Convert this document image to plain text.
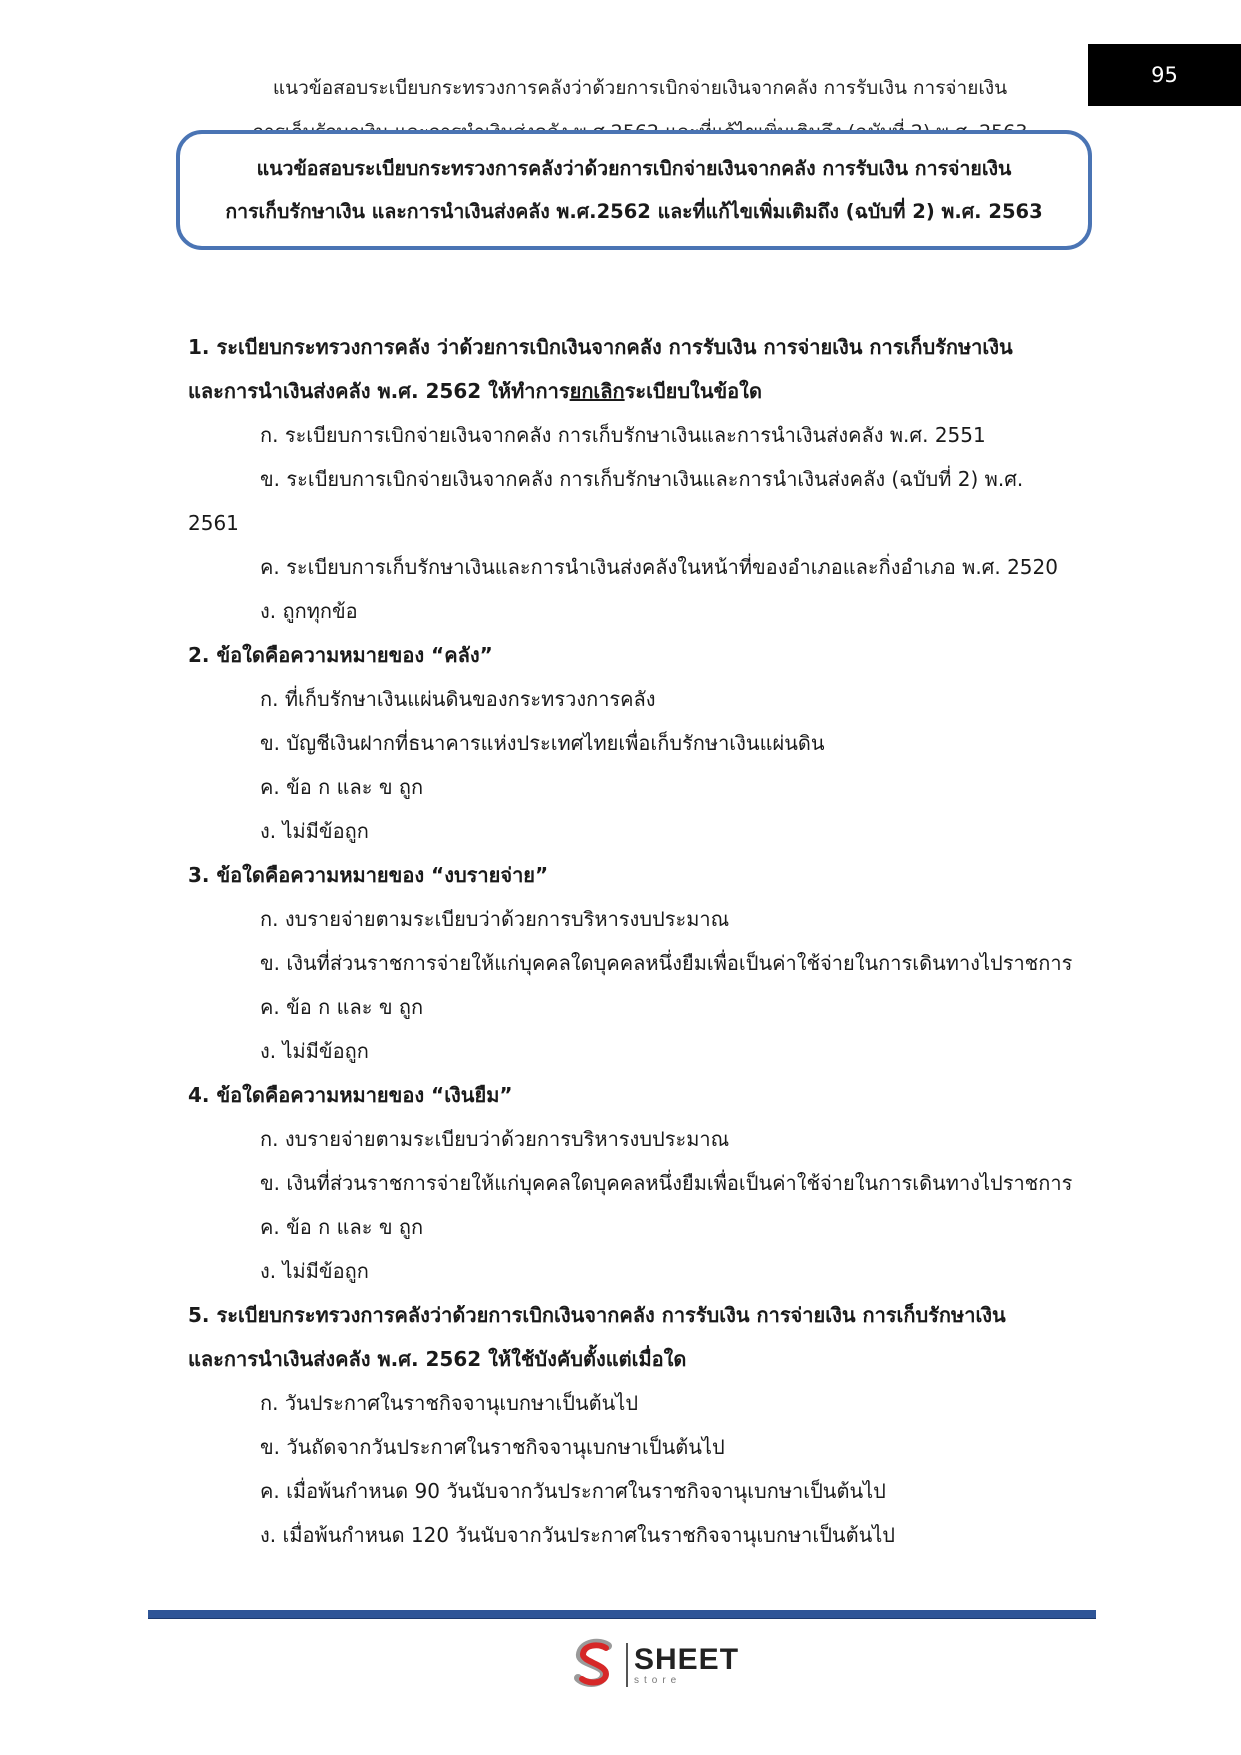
95
แนวข้อสอบระเบียบกระทรวงการคลังว่าด้วยการเบิกจ่ายเงินจากคลัง การรับเงิน การจ่ายเงิน
แนวข้อสอบระเบียบกระทรวงการคลังว่าด้วยการเบิกจ่ายเงินจากคลัง การรับเงิน การจ่ายเงิน
การเก็บรักษาเงิน และการนำเงินส่งคลัง พ.ศ.2562 และที่แก้ไขเพิ่มเติมถึง (ฉบับที่ 2) พ.ศ. 2563
1. ระเบียบกระทรวงการคลัง ว่าด้วยการเบิกเงินจากคลัง การรับเงิน การจ่ายเงิน การเก็บรักษาเงิน
และการนำเงินส่งคลัง พ.ศ. 2562 ให้ทำการยกเลิกระเบียบในข้อใด
ก. ระเบียบการเบิกจ่ายเงินจากคลัง การเก็บรักษาเงินและการนำเงินส่งคลัง พ.ศ. 2551
ข. ระเบียบการเบิกจ่ายเงินจากคลัง การเก็บรักษาเงินและการนำเงินส่งคลัง (ฉบับที่ 2) พ.ศ.
2561
ค. ระเบียบการเก็บรักษาเงินและการนำเงินส่งคลังในหน้าที่ของอำเภอและกิ่งอำเภอ พ.ศ. 2520
ง. ถูกทุกข้อ
2. ข้อใดคือความหมายของ “คลัง”
ก. ที่เก็บรักษาเงินแผ่นดินของกระทรวงการคลัง
ข. บัญชีเงินฝากที่ธนาคารแห่งประเทศไทยเพื่อเก็บรักษาเงินแผ่นดิน
ค. ข้อ ก และ ข ถูก
ง. ไม่มีข้อถูก
3. ข้อใดคือความหมายของ “งบรายจ่าย”
ก. งบรายจ่ายตามระเบียบว่าด้วยการบริหารงบประมาณ
ข. เงินที่ส่วนราชการจ่ายให้แก่บุคคลใดบุคคลหนึ่งยืมเพื่อเป็นค่าใช้จ่ายในการเดินทางไปราชการ
ค. ข้อ ก และ ข ถูก
ง. ไม่มีข้อถูก
4. ข้อใดคือความหมายของ “เงินยืม”
ก. งบรายจ่ายตามระเบียบว่าด้วยการบริหารงบประมาณ
ข. เงินที่ส่วนราชการจ่ายให้แก่บุคคลใดบุคคลหนึ่งยืมเพื่อเป็นค่าใช้จ่ายในการเดินทางไปราชการ
ค. ข้อ ก และ ข ถูก
ง. ไม่มีข้อถูก
5. ระเบียบกระทรวงการคลังว่าด้วยการเบิกเงินจากคลัง การรับเงิน การจ่ายเงิน การเก็บรักษาเงิน
และการนำเงินส่งคลัง พ.ศ. 2562 ให้ใช้บังคับตั้งแต่เมื่อใด
ก. วันประกาศในราชกิจจานุเบกษาเป็นต้นไป
ข. วันถัดจากวันประกาศในราชกิจจานุเบกษาเป็นต้นไป
ค. เมื่อพ้นกำหนด 90 วันนับจากวันประกาศในราชกิจจานุเบกษาเป็นต้นไป
ง. เมื่อพ้นกำหนด 120 วันนับจากวันประกาศในราชกิจจานุเบกษาเป็นต้นไป
SHEET
store
